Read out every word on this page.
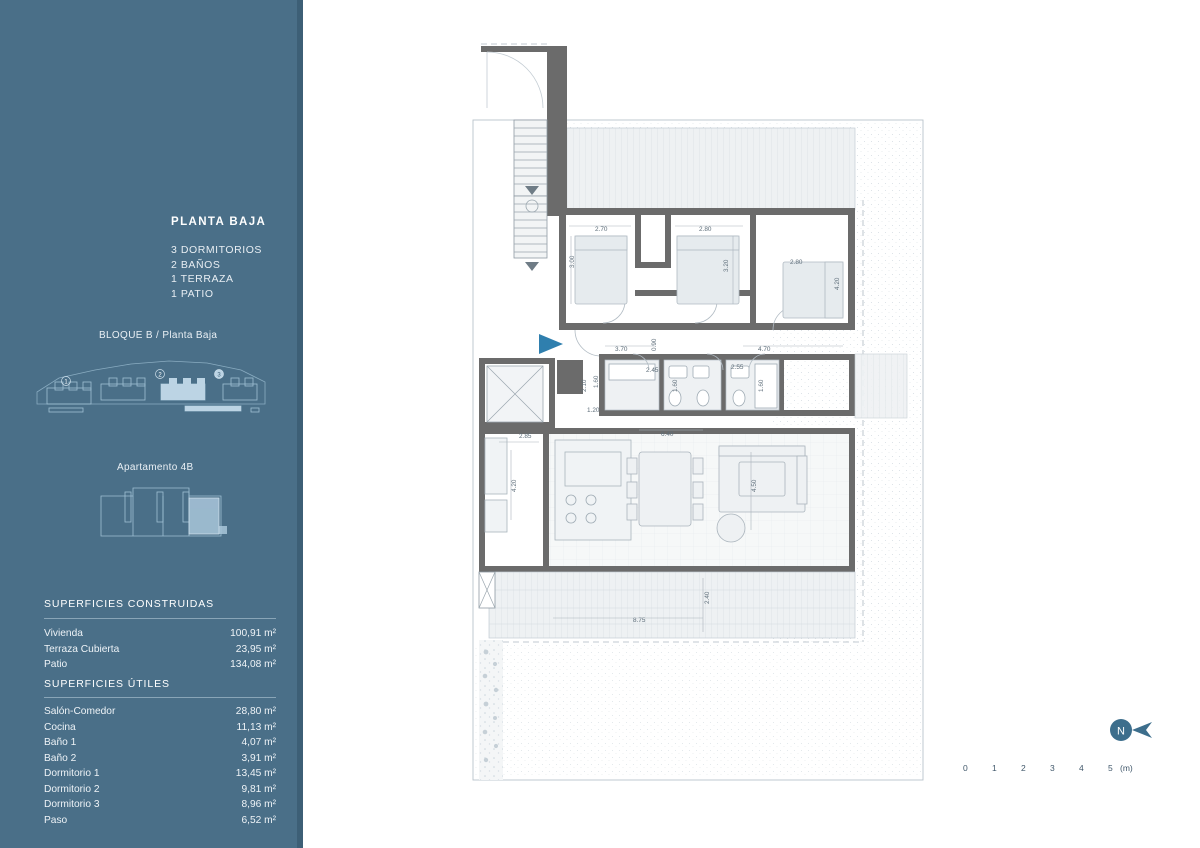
PLANTA BAJA
3 DORMITORIOS
2 BAÑOS
1 TERRAZA
1 PATIO
BLOQUE B / Planta Baja
1
2	3
Apartamento 4B
SUPERFICIES CONSTRUIDAS
Vivienda	100,91 m²
Terraza Cubierta	23,95 m²
Patio	134,08 m²
SUPERFICIES ÚTILES
Salón-Comedor	28,80 m²
Cocina	11,13 m²
Baño 1	4,07 m²
Baño 2	3,91 m²
Dormitorio 1	13,45 m²
Dormitorio 2	9,81 m²
Dormitorio 3	8,96 m²
Paso	6,52 m²
2.70	2.80
2.80
3.00	3.20
4.20
3.70	0.90	4.70
2.45	2.55
2.10 1.60	1.60	1.60
1.20
2.85	6.40
4.20	4.50
2.40
8.75
N
0	1	2	3	4	5 (m)
